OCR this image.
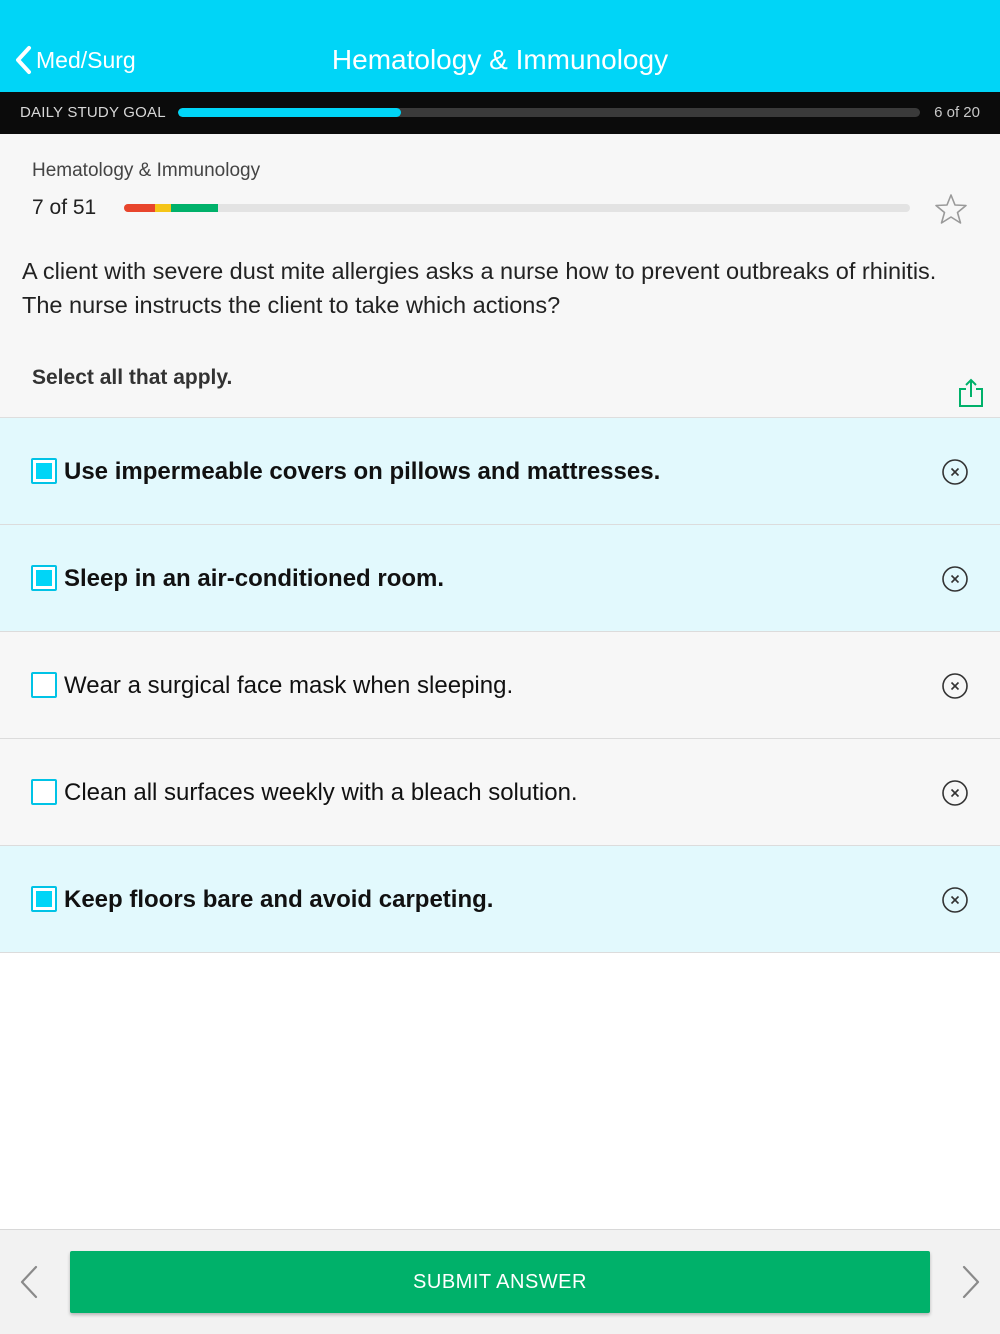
Med/Surg	Hematology & Immunology
DAILY STUDY GOAL	6 of 20
Hematology & Immunology
7 of 51
A client with severe dust mite allergies asks a nurse how to prevent outbreaks of rhinitis. The nurse instructs the client to take which actions?
Select all that apply.
Use impermeable covers on pillows and mattresses.
Sleep in an air-conditioned room.
Wear a surgical face mask when sleeping.
Clean all surfaces weekly with a bleach solution.
Keep floors bare and avoid carpeting.
SUBMIT ANSWER
